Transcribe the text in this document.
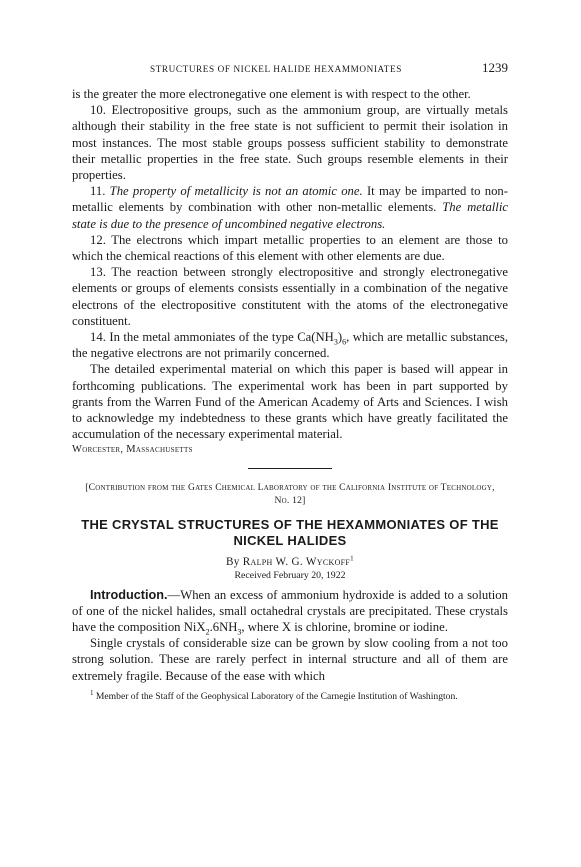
STRUCTURES OF NICKEL HALIDE HEXAMMONIATES	1239

is the greater the more electronegative one element is with respect to the other.

10. Electropositive groups, such as the ammonium group, are virtually metals although their stability in the free state is not sufficient to permit their isolation in most instances. The most stable groups possess sufficient stability to demonstrate their metallic properties in the free state. Such groups resemble elements in their properties.

11. The property of metallicity is not an atomic one. It may be imparted to non-metallic elements by combination with other non-metallic elements. The metallic state is due to the presence of uncombined negative electrons.

12. The electrons which impart metallic properties to an element are those to which the chemical reactions of this element with other elements are due.

13. The reaction between strongly electropositive and strongly electronegative elements or groups of elements consists essentially in a combination of the negative electrons of the electropositive constitutent with the atoms of the electronegative constituent.

14. In the metal ammoniates of the type $Ca(NH_3)_6$, which are metallic substances, the negative electrons are not primarily concerned.

The detailed experimental material on which this paper is based will appear in forthcoming publications. The experimental work has been in part supported by grants from the Warren Fund of the American Academy of Arts and Sciences. I wish to acknowledge my indebtedness to these grants which have greatly facilitated the accumulation of the necessary experimental material.

Worcester, Massachusetts

[Contribution from the Gates Chemical Laboratory of the California Institute of Technology, No. 12]
THE CRYSTAL STRUCTURES OF THE HEXAMMONIATES OF THE NICKEL HALIDES
By Ralph W. G. Wyckoff$^1$
Received February 20, 1922

Introduction.—When an excess of ammonium hydroxide is added to a solution of one of the nickel halides, small octahedral crystals are precipitated. These crystals have the composition $NiX_2.6NH_3$, where X is chlorine, bromine or iodine.

Single crystals of considerable size can be grown by slow cooling from a not too strong solution. These are rarely perfect in internal structure and all of them are extremely fragile. Because of the ease with which

$^1$ Member of the Staff of the Geophysical Laboratory of the Carnegie Institution of Washington.
